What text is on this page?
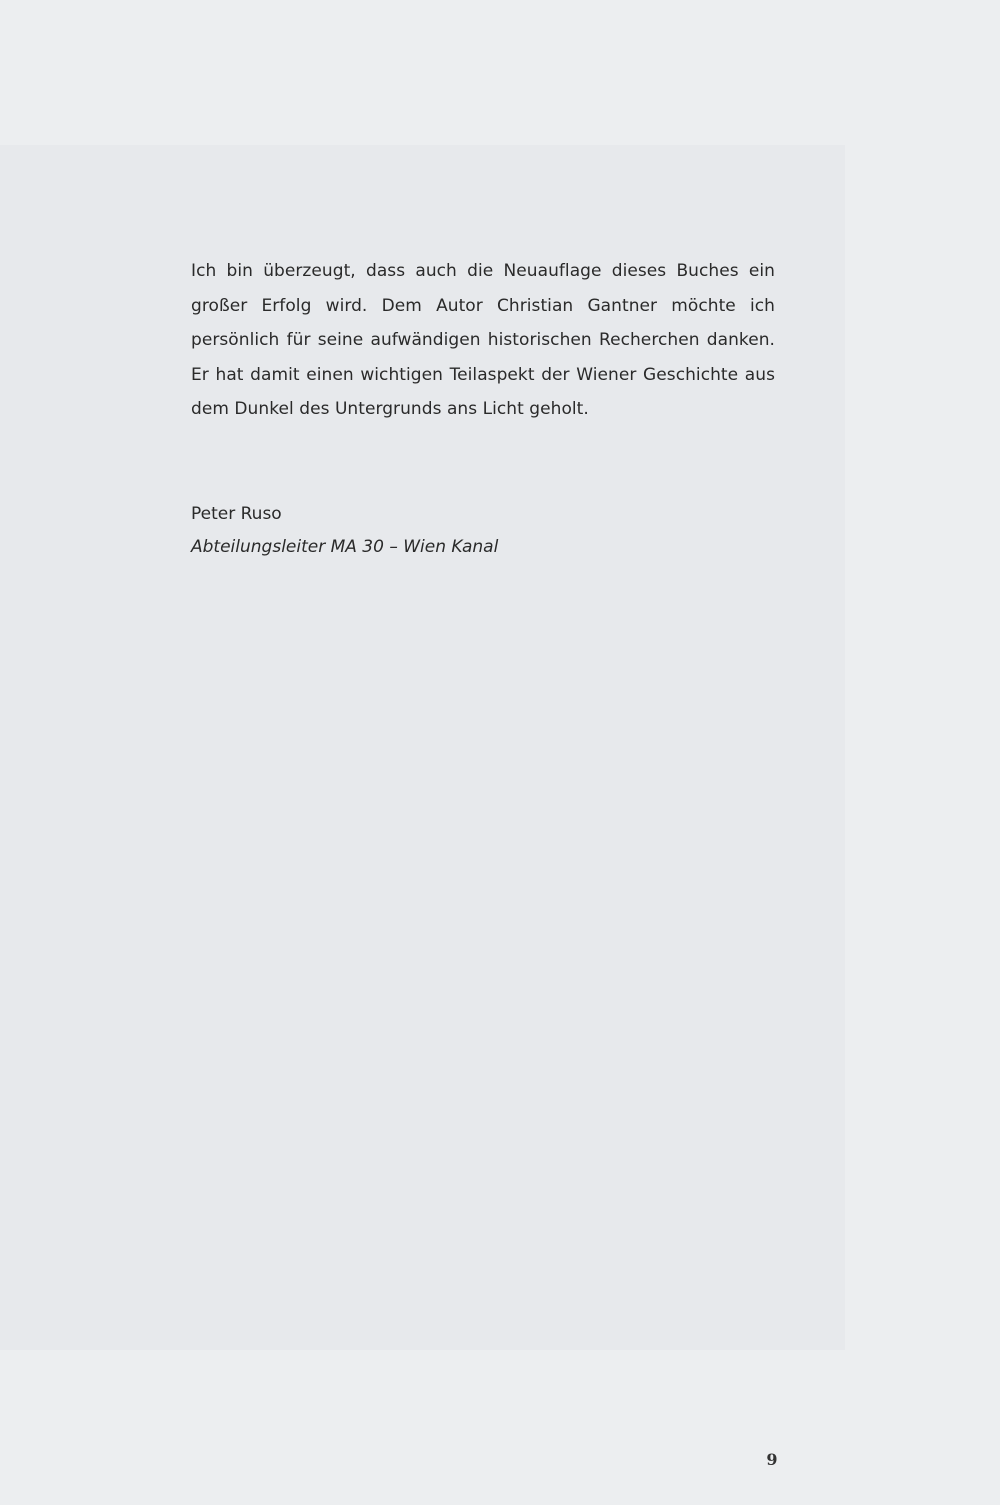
Ich bin überzeugt, dass auch die Neuauflage dieses Buches ein großer Erfolg wird. Dem Autor Christian Gantner möchte ich persönlich für seine aufwändigen historischen Recherchen danken. Er hat damit einen wichtigen Teilaspekt der Wiener Geschichte aus dem Dunkel des Untergrunds ans Licht geholt.

Peter Ruso
Abteilungsleiter MA 30 – Wien Kanal
9
